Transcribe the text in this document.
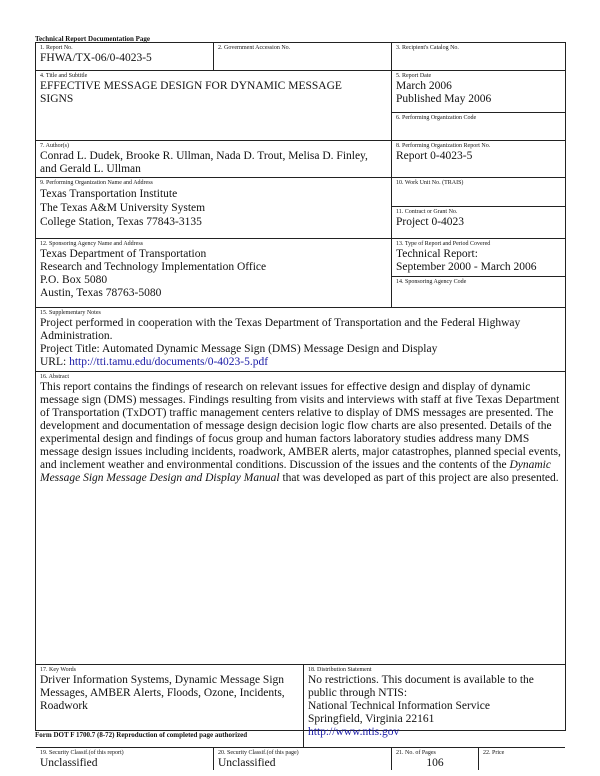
Technical Report Documentation Page
1. Report No.
FHWA/TX-06/0-4023-5
2. Government Accession No.	3. Recipient's Catalog No.
4. Title and Subtitle
EFFECTIVE MESSAGE DESIGN FOR DYNAMIC MESSAGE SIGNS
5. Report Date
March 2006
Published May 2006
6. Performing Organization Code
7. Author(s)
Conrad L. Dudek, Brooke R. Ullman, Nada D. Trout, Melisa D. Finley, and Gerald L. Ullman
8. Performing Organization Report No.
Report 0-4023-5
9. Performing Organization Name and Address
Texas Transportation Institute
The Texas A&M University System
College Station, Texas 77843-3135
10. Work Unit No. (TRAIS)
11. Contract or Grant No.
Project 0-4023
12. Sponsoring Agency Name and Address
Texas Department of Transportation
Research and Technology Implementation Office
P.O. Box 5080
Austin, Texas 78763-5080
13. Type of Report and Period Covered
Technical Report:
September 2000 - March 2006
14. Sponsoring Agency Code
15. Supplementary Notes
Project performed in cooperation with the Texas Department of Transportation and the Federal Highway Administration.
Project Title: Automated Dynamic Message Sign (DMS) Message Design and Display
URL: http://tti.tamu.edu/documents/0-4023-5.pdf
16. Abstract

This report contains the findings of research on relevant issues for effective design and display of dynamic message sign (DMS) messages. Findings resulting from visits and interviews with staff at five Texas Department of Transportation (TxDOT) traffic management centers relative to display of DMS messages are presented. The development and documentation of message design decision logic flow charts are also presented. Details of the experimental design and findings of focus group and human factors laboratory studies address many DMS message design issues including incidents, roadwork, AMBER alerts, major catastrophes, planned special events, and inclement weather and environmental conditions. Discussion of the issues and the contents of the Dynamic Message Sign Message Design and Display Manual that was developed as part of this project are also presented.

17. Key Words
Driver Information Systems, Dynamic Message Sign Messages, AMBER Alerts, Floods, Ozone, Incidents, Roadwork
18. Distribution Statement
No restrictions. This document is available to the public through NTIS:
National Technical Information Service
Springfield, Virginia 22161
http://www.ntis.gov
19. Security Classif.(of this report)
Unclassified
20. Security Classif.(of this page)
Unclassified
21. No. of Pages
106
22. Price
Form DOT F 1700.7 (8-72) Reproduction of completed page authorized
